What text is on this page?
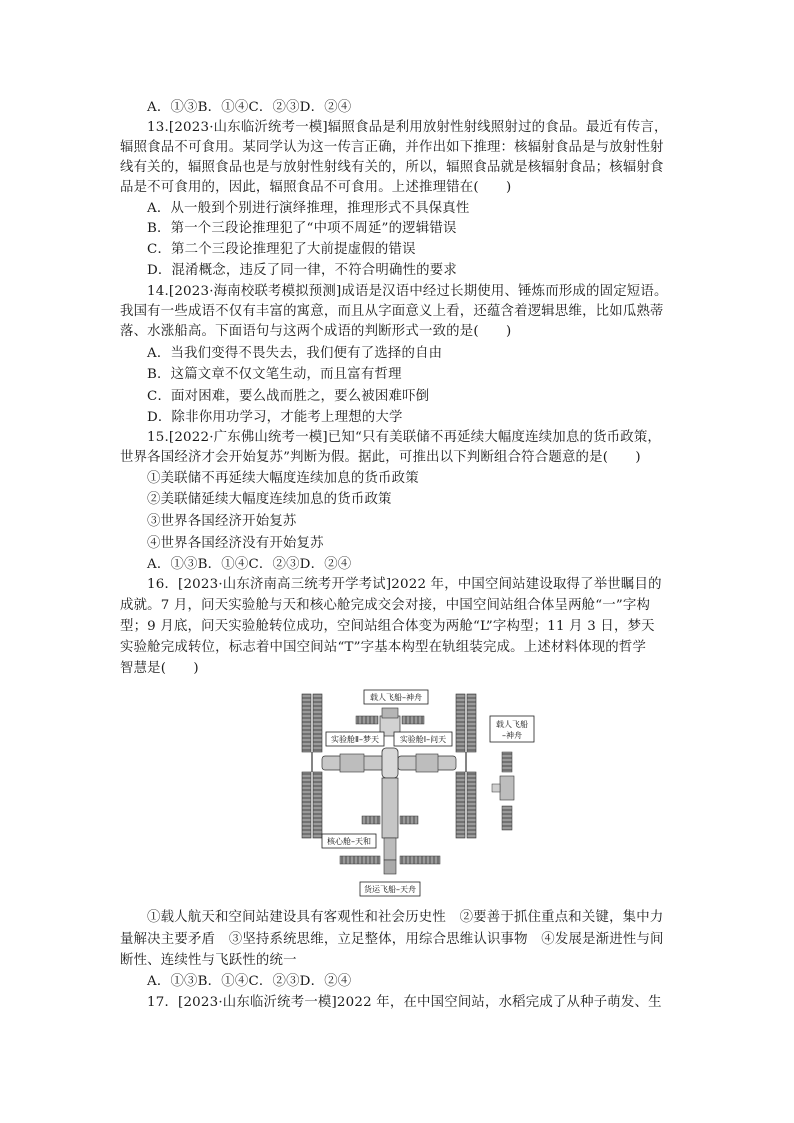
A．①③B．①④C．②③D．②④
13.[2023·山东临沂统考一模]辐照食品是利用放射性射线照射过的食品。最近有传言，
辐照食品不可食用。某同学认为这一传言正确，并作出如下推理：核辐射食品是与放射性射
线有关的，辐照食品也是与放射性射线有关的，所以，辐照食品就是核辐射食品；核辐射食
品是不可食用的，因此，辐照食品不可食用。上述推理错在(　　)
A．从一般到个别进行演绎推理，推理形式不具保真性
B．第一个三段论推理犯了“中项不周延”的逻辑错误
C．第二个三段论推理犯了大前提虚假的错误
D．混淆概念，违反了同一律，不符合明确性的要求
14.[2023·海南校联考模拟预测]成语是汉语中经过长期使用、锤炼而形成的固定短语。
我国有一些成语不仅有丰富的寓意，而且从字面意义上看，还蕴含着逻辑思维，比如瓜熟蒂
落、水涨船高。下面语句与这两个成语的判断形式一致的是(　　)
A．当我们变得不畏失去，我们便有了选择的自由
B．这篇文章不仅文笔生动，而且富有哲理
C．面对困难，要么战而胜之，要么被困难吓倒
D．除非你用功学习，才能考上理想的大学
15.[2022·广东佛山统考一模]已知“只有美联储不再延续大幅度连续加息的货币政策，
世界各国经济才会开始复苏”判断为假。据此，可推出以下判断组合符合题意的是(　　)
①美联储不再延续大幅度连续加息的货币政策
②美联储延续大幅度连续加息的货币政策
③世界各国经济开始复苏
④世界各国经济没有开始复苏
A．①③B．①④C．②③D．②④
16．[2023·山东济南高三统考开学考试]2022 年，中国空间站建设取得了举世瞩目的
成就。7 月，问天实验舱与天和核心舱完成交会对接，中国空间站组合体呈两舱“一”字构
型；9 月底，问天实验舱转位成功，空间站组合体变为两舱“L”字构型；11 月 3 日，梦天
实验舱完成转位，标志着中国空间站“T”字基本构型在轨组装完成。上述材料体现的哲学
智慧是(　　)
载人飞船–神舟
载人飞船
–神舟
实验舱Ⅱ–梦天	实验舱Ⅰ–问天
核心舱–天和
货运飞船–天舟
①载人航天和空间站建设具有客观性和社会历史性　②要善于抓住重点和关键，集中力
量解决主要矛盾　③坚持系统思维，立足整体，用综合思维认识事物　④发展是渐进性与间
断性、连续性与飞跃性的统一
A．①③B．①④C．②③D．②④
17．[2023·山东临沂统考一模]2022 年，在中国空间站，水稻完成了从种子萌发、生
